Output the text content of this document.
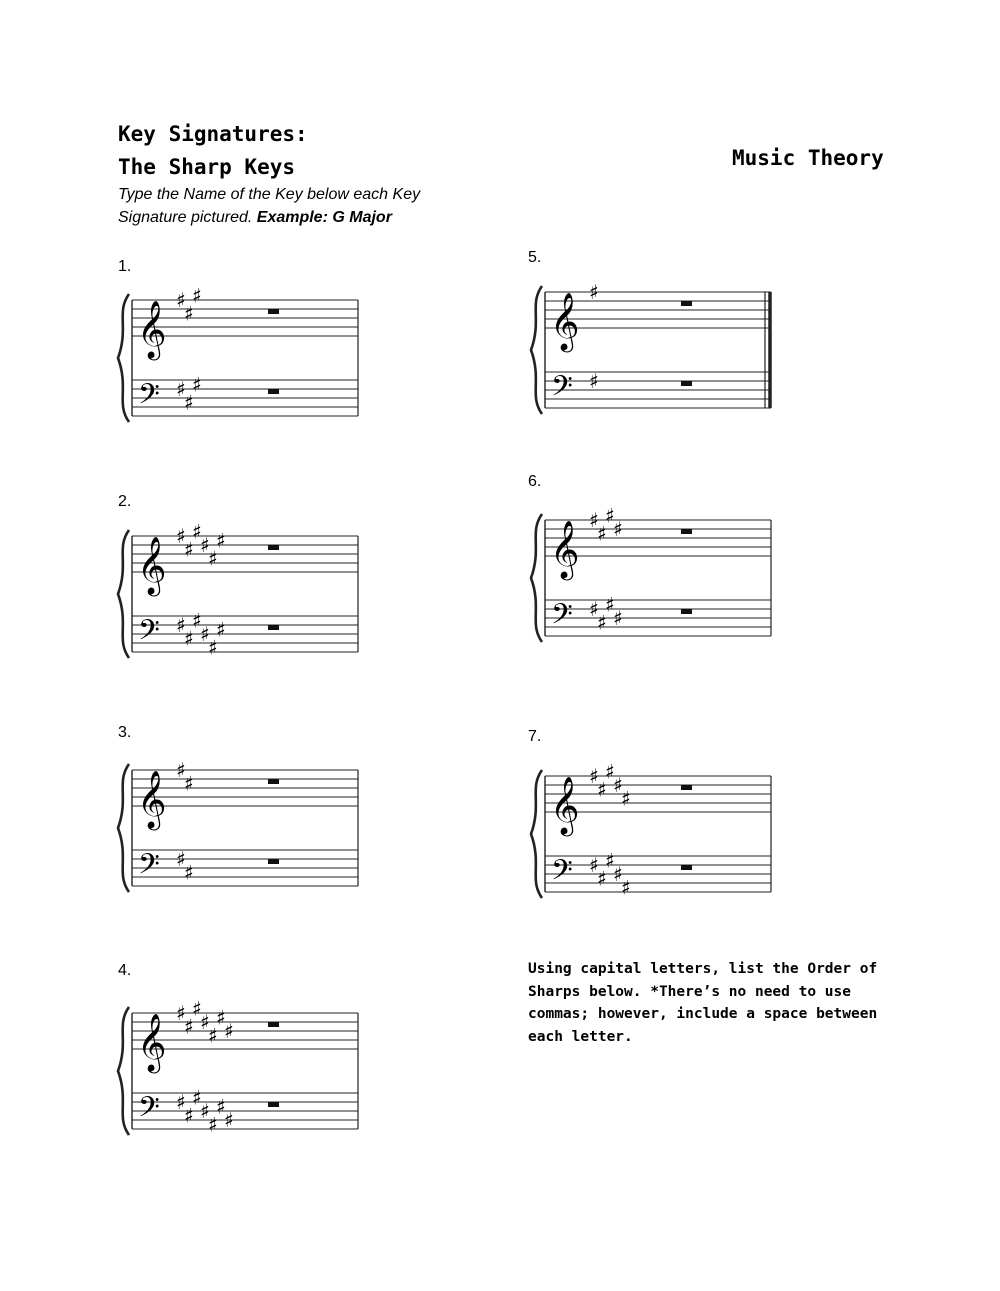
Key Signatures:
The Sharp Keys	Music Theory
Type the Name of the Key below each Key Signature pictured. Example: G Major
1.
𝄞
𝄢
♯
♯
♯
♯
♯
♯
2.
𝄞
𝄢
♯
♯
♯
♯
♯
♯
♯
♯
♯
♯
♯
♯
3.
𝄞
𝄢
♯
♯
♯
♯
4.
𝄞
𝄢
♯
♯
♯
♯
♯
♯
♯
♯
♯
♯
♯
♯
♯
♯
5.
𝄞
𝄢
♯
♯
6.
𝄞
𝄢
♯
♯
♯
♯
♯
♯
♯
♯
7.
𝄞
𝄢
♯
♯
♯
♯
♯
♯
♯
♯
♯
♯
Using capital letters, list the Order of Sharps below. *There’s no need to use commas; however, include a space between each letter.
